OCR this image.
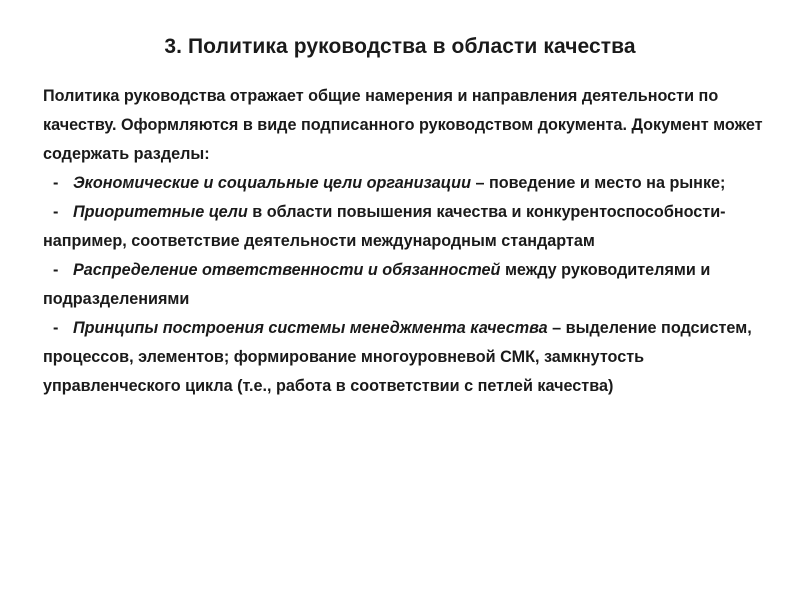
3. Политика руководства в области качества

Политика руководства отражает общие намерения и направления деятельности по качеству. Оформляются в виде подписанного руководством документа. Документ может содержать разделы:

- Экономические и социальные цели организации – поведение и место на рынке;

- Приоритетные цели в области повышения качества и конкурентоспособности- например, соответствие деятельности международным стандартам

- Распределение ответственности и обязанностей между руководителями и подразделениями

- Принципы построения системы менеджмента качества – выделение подсистем, процессов, элементов; формирование многоуровневой СМК, замкнутость управленческого цикла (т.е., работа в соответствии с петлей качества)
